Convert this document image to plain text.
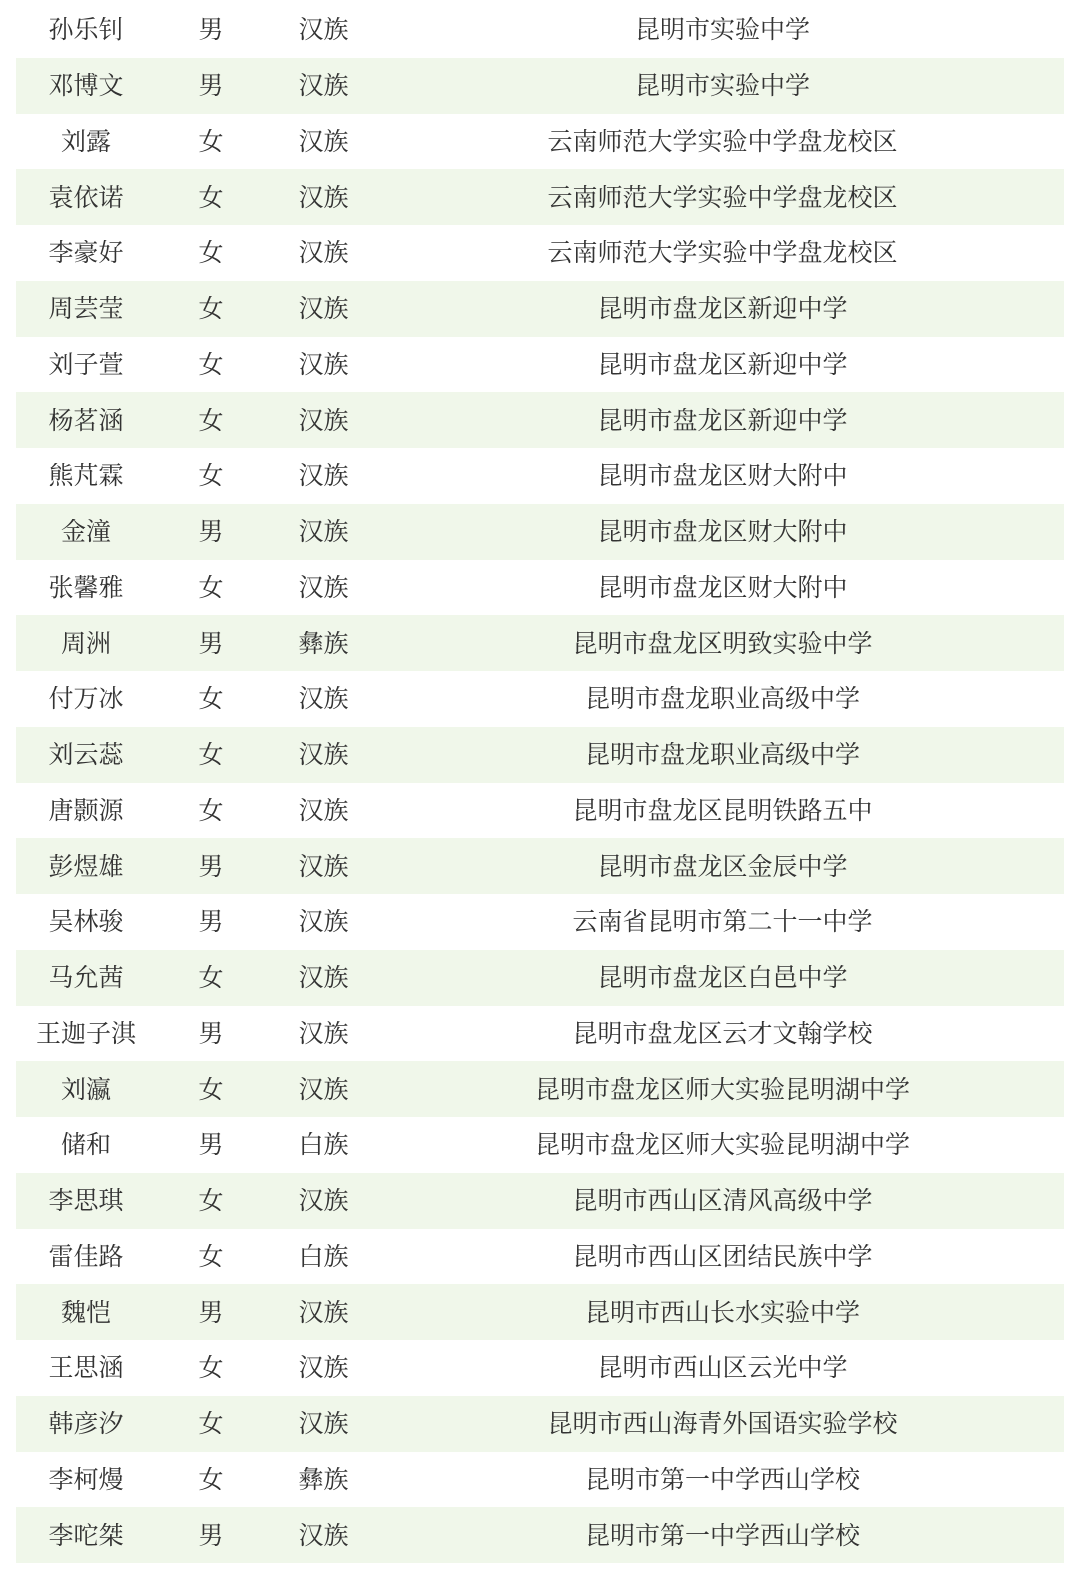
孙乐钊	男	汉族	昆明市实验中学
邓博文	男	汉族	昆明市实验中学
刘露	女	汉族	云南师范大学实验中学盘龙校区
袁依诺	女	汉族	云南师范大学实验中学盘龙校区
李豪好	女	汉族	云南师范大学实验中学盘龙校区
周芸莹	女	汉族	昆明市盘龙区新迎中学
刘子萱	女	汉族	昆明市盘龙区新迎中学
杨茗涵	女	汉族	昆明市盘龙区新迎中学
熊芃霖	女	汉族	昆明市盘龙区财大附中
金潼	男	汉族	昆明市盘龙区财大附中
张馨雅	女	汉族	昆明市盘龙区财大附中
周洲	男	彝族	昆明市盘龙区明致实验中学
付万冰	女	汉族	昆明市盘龙职业高级中学
刘云蕊	女	汉族	昆明市盘龙职业高级中学
唐颢源	女	汉族	昆明市盘龙区昆明铁路五中
彭煜雄	男	汉族	昆明市盘龙区金辰中学
吴林骏	男	汉族	云南省昆明市第二十一中学
马允茜	女	汉族	昆明市盘龙区白邑中学
王迦子淇	男	汉族	昆明市盘龙区云才文翰学校
刘瀛	女	汉族	昆明市盘龙区师大实验昆明湖中学
储和	男	白族	昆明市盘龙区师大实验昆明湖中学
李思琪	女	汉族	昆明市西山区清风高级中学
雷佳路	女	白族	昆明市西山区团结民族中学
魏恺	男	汉族	昆明市西山长水实验中学
王思涵	女	汉族	昆明市西山区云光中学
韩彦汐	女	汉族	昆明市西山海青外国语实验学校
李柯熳	女	彝族	昆明市第一中学西山学校
李咜桀	男	汉族	昆明市第一中学西山学校
